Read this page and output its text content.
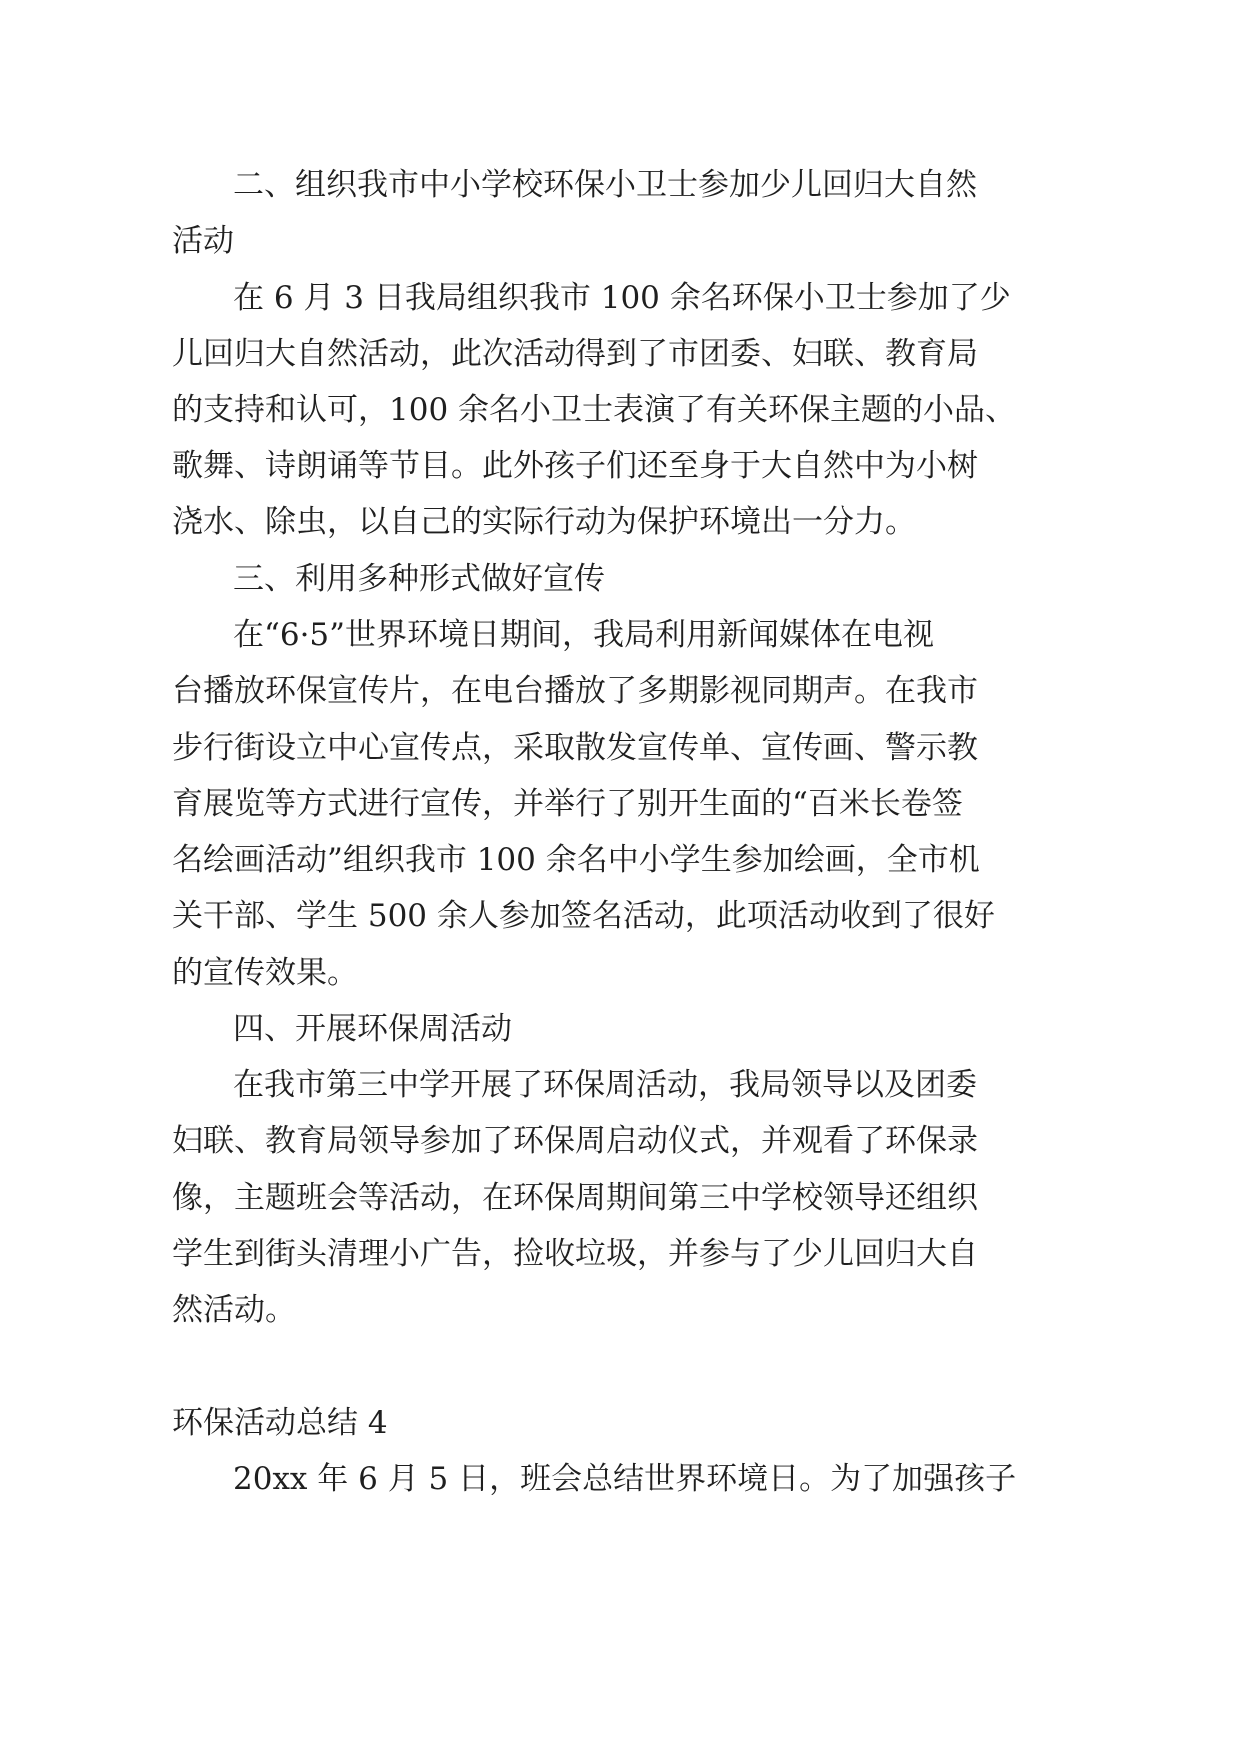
二、组织我市中小学校环保小卫士参加少儿回归大自然
活动
在 6 月 3 日我局组织我市 100 余名环保小卫士参加了少
儿回归大自然活动，此次活动得到了市团委、妇联、教育局
的支持和认可，100 余名小卫士表演了有关环保主题的小品、
歌舞、诗朗诵等节目。此外孩子们还至身于大自然中为小树
浇水、除虫，以自己的实际行动为保护环境出一分力。
三、利用多种形式做好宣传
在“6·5”世界环境日期间，我局利用新闻媒体在电视
台播放环保宣传片，在电台播放了多期影视同期声。在我市
步行街设立中心宣传点，采取散发宣传单、宣传画、警示教
育展览等方式进行宣传，并举行了别开生面的“百米长卷签
名绘画活动”组织我市 100 余名中小学生参加绘画，全市机
关干部、学生 500 余人参加签名活动，此项活动收到了很好
的宣传效果。
四、开展环保周活动
在我市第三中学开展了环保周活动，我局领导以及团委
妇联、教育局领导参加了环保周启动仪式，并观看了环保录
像，主题班会等活动，在环保周期间第三中学校领导还组织
学生到街头清理小广告，捡收垃圾，并参与了少儿回归大自
然活动。
环保活动总结 4
20xx 年 6 月 5 日，班会总结世界环境日。为了加强孩子
